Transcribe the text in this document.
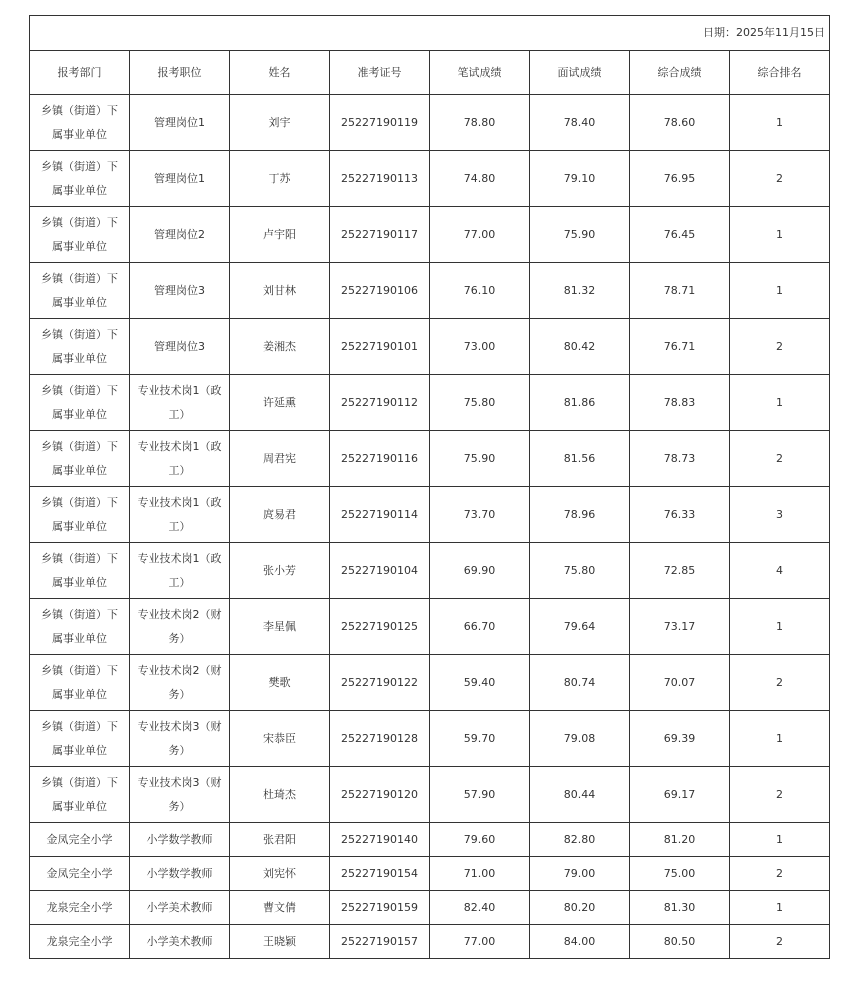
日期：2025年11月15日							
报考部门	报考职位	姓名	准考证号	笔试成绩	面试成绩	综合成绩	综合排名
乡镇（街道）下属事业单位	管理岗位1	刘宇	25227190119	78.80	78.40	78.60	1
乡镇（街道）下属事业单位	管理岗位1	丁苏	25227190113	74.80	79.10	76.95	2
乡镇（街道）下属事业单位	管理岗位2	卢宇阳	25227190117	77.00	75.90	76.45	1
乡镇（街道）下属事业单位	管理岗位3	刘甘林	25227190106	76.10	81.32	78.71	1
乡镇（街道）下属事业单位	管理岗位3	姜湘杰	25227190101	73.00	80.42	76.71	2
乡镇（街道）下属事业单位	专业技术岗1（政工）	许延熏	25227190112	75.80	81.86	78.83	1
乡镇（街道）下属事业单位	专业技术岗1（政工）	周君宪	25227190116	75.90	81.56	78.73	2
乡镇（街道）下属事业单位	专业技术岗1（政工）	庹易君	25227190114	73.70	78.96	76.33	3
乡镇（街道）下属事业单位	专业技术岗1（政工）	张小芳	25227190104	69.90	75.80	72.85	4
乡镇（街道）下属事业单位	专业技术岗2（财务）	李星佩	25227190125	66.70	79.64	73.17	1
乡镇（街道）下属事业单位	专业技术岗2（财务）	樊歌	25227190122	59.40	80.74	70.07	2
乡镇（街道）下属事业单位	专业技术岗3（财务）	宋恭臣	25227190128	59.70	79.08	69.39	1
乡镇（街道）下属事业单位	专业技术岗3（财务）	杜琦杰	25227190120	57.90	80.44	69.17	2
金凤完全小学	小学数学教师	张君阳	25227190140	79.60	82.80	81.20	1
金凤完全小学	小学数学教师	刘宪怀	25227190154	71.00	79.00	75.00	2
龙泉完全小学	小学美术教师	曹文倩	25227190159	82.40	80.20	81.30	1
龙泉完全小学	小学美术教师	王晓颖	25227190157	77.00	84.00	80.50	2
